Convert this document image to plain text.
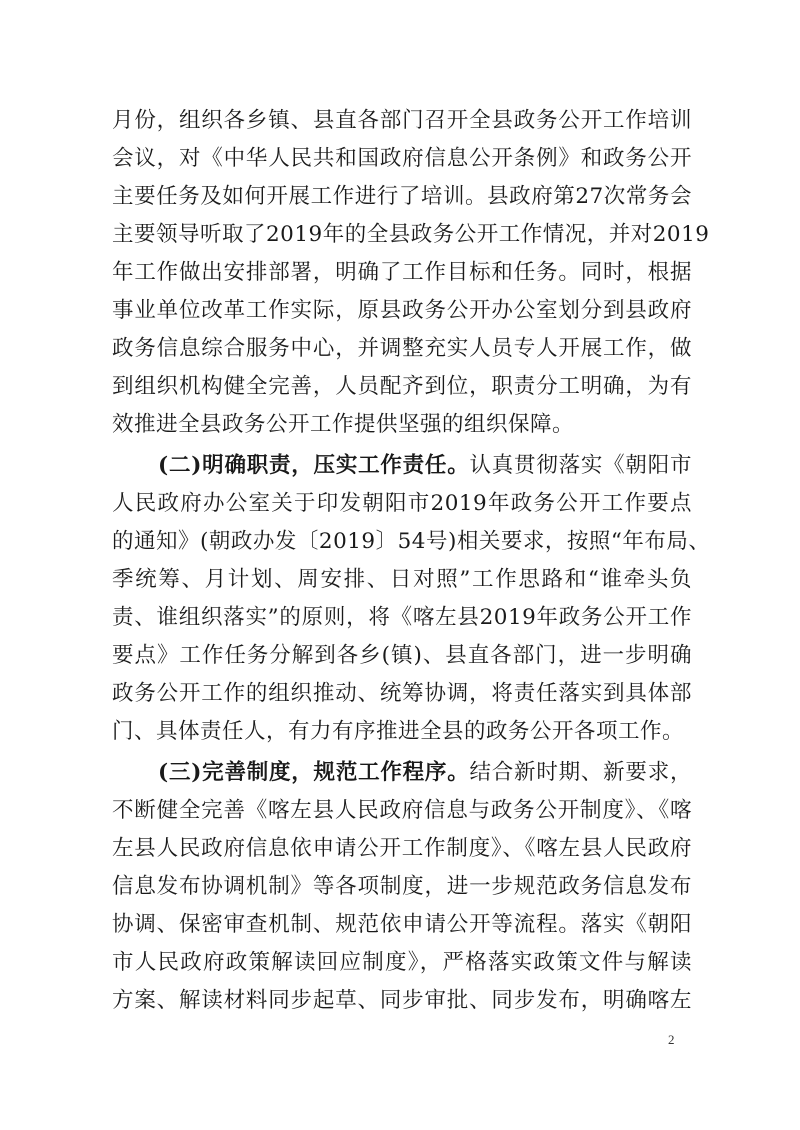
月份，组织各乡镇、县直各部门召开全县政务公开工作培训
会议，对《中华人民共和国政府信息公开条例》和政务公开
主要任务及如何开展工作进行了培训。县政府第27次常务会
主要领导听取了2019年的全县政务公开工作情况，并对2019
年工作做出安排部署，明确了工作目标和任务。同时，根据
事业单位改革工作实际，原县政务公开办公室划分到县政府
政务信息综合服务中心，并调整充实人员专人开展工作，做
到组织机构健全完善，人员配齐到位，职责分工明确，为有
效推进全县政务公开工作提供坚强的组织保障。
(二)明确职责，压实工作责任。认真贯彻落实《朝阳市
人民政府办公室关于印发朝阳市2019年政务公开工作要点
的通知》(朝政办发〔2019〕54号)相关要求，按照“年布局、
季统筹、月计划、周安排、日对照”工作思路和“谁牵头负
责、谁组织落实”的原则，将《喀左县2019年政务公开工作
要点》工作任务分解到各乡(镇)、县直各部门，进一步明确
政务公开工作的组织推动、统筹协调，将责任落实到具体部
门、具体责任人，有力有序推进全县的政务公开各项工作。
(三)完善制度，规范工作程序。结合新时期、新要求，
不断健全完善《喀左县人民政府信息与政务公开制度》、《喀
左县人民政府信息依申请公开工作制度》、《喀左县人民政府
信息发布协调机制》等各项制度，进一步规范政务信息发布
协调、保密审查机制、规范依申请公开等流程。落实《朝阳
市人民政府政策解读回应制度》，严格落实政策文件与解读
方案、解读材料同步起草、同步审批、同步发布，明确喀左
2
